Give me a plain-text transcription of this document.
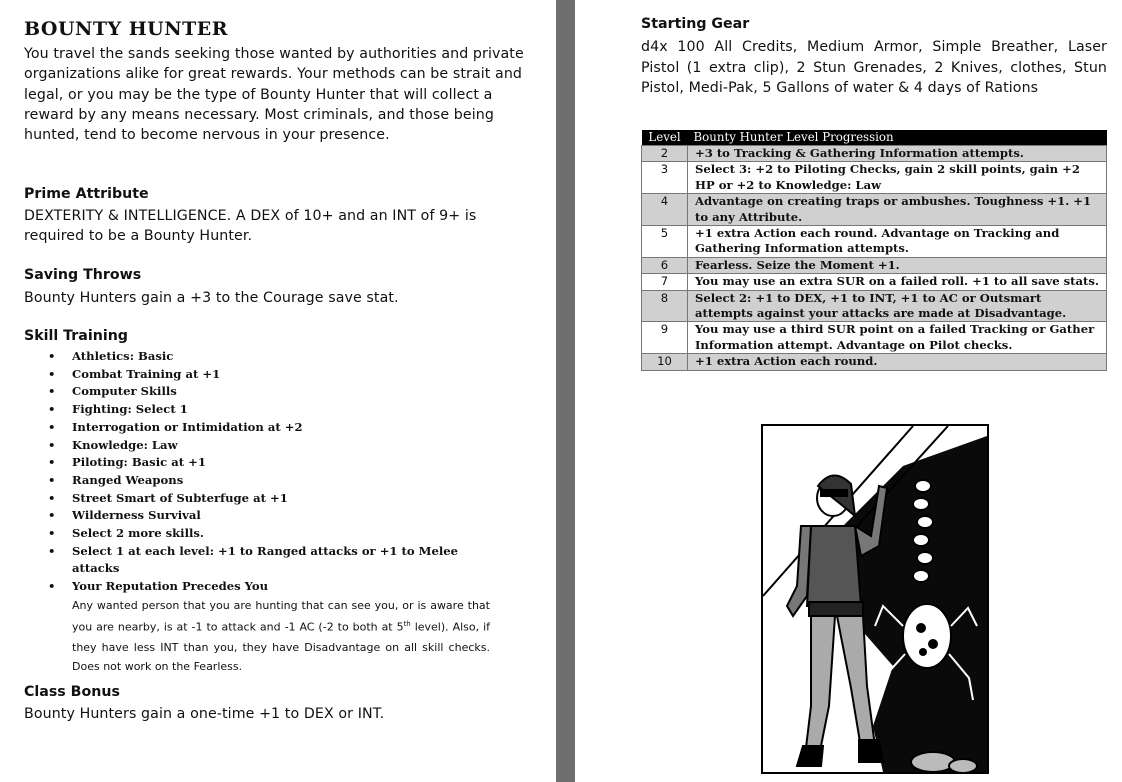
BOUNTY HUNTER
You travel the sands seeking those wanted by authorities and private organizations alike for great rewards. Your methods can be strait and legal, or you may be the type of Bounty Hunter that will collect a reward by any means necessary. Most criminals, and those being hunted, tend to become nervous in your presence.
Prime Attribute
DEXTERITY & INTELLIGENCE. A DEX of 10+ and an INT of 9+ is required to be a Bounty Hunter.
Saving Throws
Bounty Hunters gain a +3 to the Courage save stat.
Skill Training
• Athletics: Basic
• Combat Training at +1
• Computer Skills
• Fighting: Select 1
• Interrogation or Intimidation at +2
• Knowledge: Law
• Piloting: Basic at +1
• Ranged Weapons
• Street Smart of Subterfuge at +1
• Wilderness Survival
• Select 2 more skills.
• Select 1 at each level: +1 to Ranged attacks or +1 to Melee attacks
• Your Reputation Precedes You
Any wanted person that you are hunting that can see you, or is aware that you are nearby, is at -1 to attack and -1 AC (-2 to both at 5th level). Also, if they have less INT than you, they have Disadvantage on all skill checks. Does not work on the Fearless.
Class Bonus
Bounty Hunters gain a one-time +1 to DEX or INT.
Starting Gear
d4x 100 All Credits, Medium Armor, Simple Breather, Laser Pistol (1 extra clip), 2 Stun Grenades, 2 Knives, clothes, Stun Pistol, Medi-Pak, 5 Gallons of water & 4 days of Rations
Level	Bounty Hunter Level Progression
2	+3 to Tracking & Gathering Information attempts.
3	Select 3: +2 to Piloting Checks, gain 2 skill points, gain +2 HP or +2 to Knowledge: Law
4	Advantage on creating traps or ambushes. Toughness +1. +1 to any Attribute.
5	+1 extra Action each round. Advantage on Tracking and Gathering Information attempts.
6	Fearless. Seize the Moment +1.
7	You may use an extra SUR on a failed roll. +1 to all save stats.
8	Select 2: +1 to DEX, +1 to INT, +1 to AC or Outsmart attempts against your attacks are made at Disadvantage.
9	You may use a third SUR point on a failed Tracking or Gather Information attempt. Advantage on Pilot checks.
10	+1 extra Action each round.
